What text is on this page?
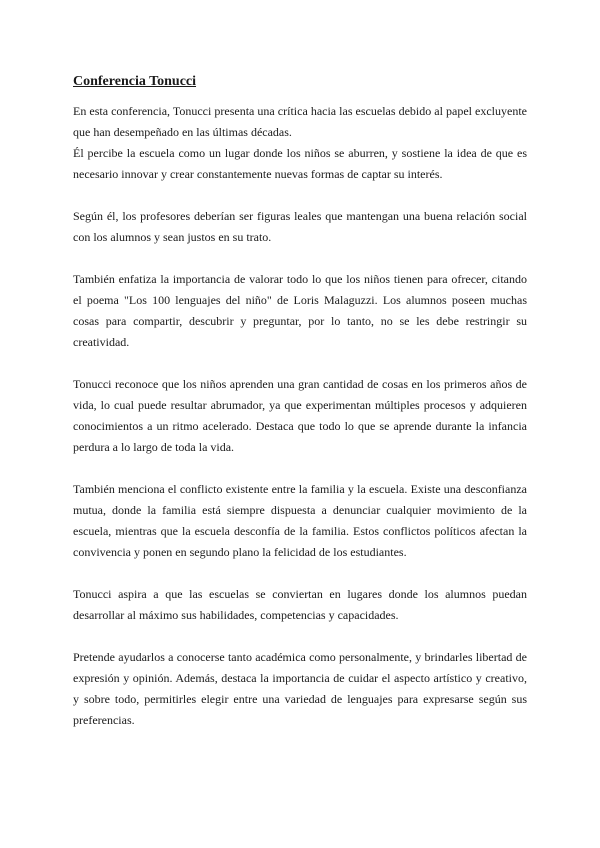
Conferencia Tonucci

En esta conferencia, Tonucci presenta una crítica hacia las escuelas debido al papel excluyente que han desempeñado en las últimas décadas.
Él percibe la escuela como un lugar donde los niños se aburren, y sostiene la idea de que es necesario innovar y crear constantemente nuevas formas de captar su interés.

Según él, los profesores deberían ser figuras leales que mantengan una buena relación social con los alumnos y sean justos en su trato.

También enfatiza la importancia de valorar todo lo que los niños tienen para ofrecer, citando el poema "Los 100 lenguajes del niño" de Loris Malaguzzi. Los alumnos poseen muchas cosas para compartir, descubrir y preguntar, por lo tanto, no se les debe restringir su creatividad.

Tonucci reconoce que los niños aprenden una gran cantidad de cosas en los primeros años de vida, lo cual puede resultar abrumador, ya que experimentan múltiples procesos y adquieren conocimientos a un ritmo acelerado. Destaca que todo lo que se aprende durante la infancia perdura a lo largo de toda la vida.

También menciona el conflicto existente entre la familia y la escuela. Existe una desconfianza mutua, donde la familia está siempre dispuesta a denunciar cualquier movimiento de la escuela, mientras que la escuela desconfía de la familia. Estos conflictos políticos afectan la convivencia y ponen en segundo plano la felicidad de los estudiantes.

Tonucci aspira a que las escuelas se conviertan en lugares donde los alumnos puedan desarrollar al máximo sus habilidades, competencias y capacidades.

Pretende ayudarlos a conocerse tanto académica como personalmente, y brindarles libertad de expresión y opinión. Además, destaca la importancia de cuidar el aspecto artístico y creativo, y sobre todo, permitirles elegir entre una variedad de lenguajes para expresarse según sus preferencias.
